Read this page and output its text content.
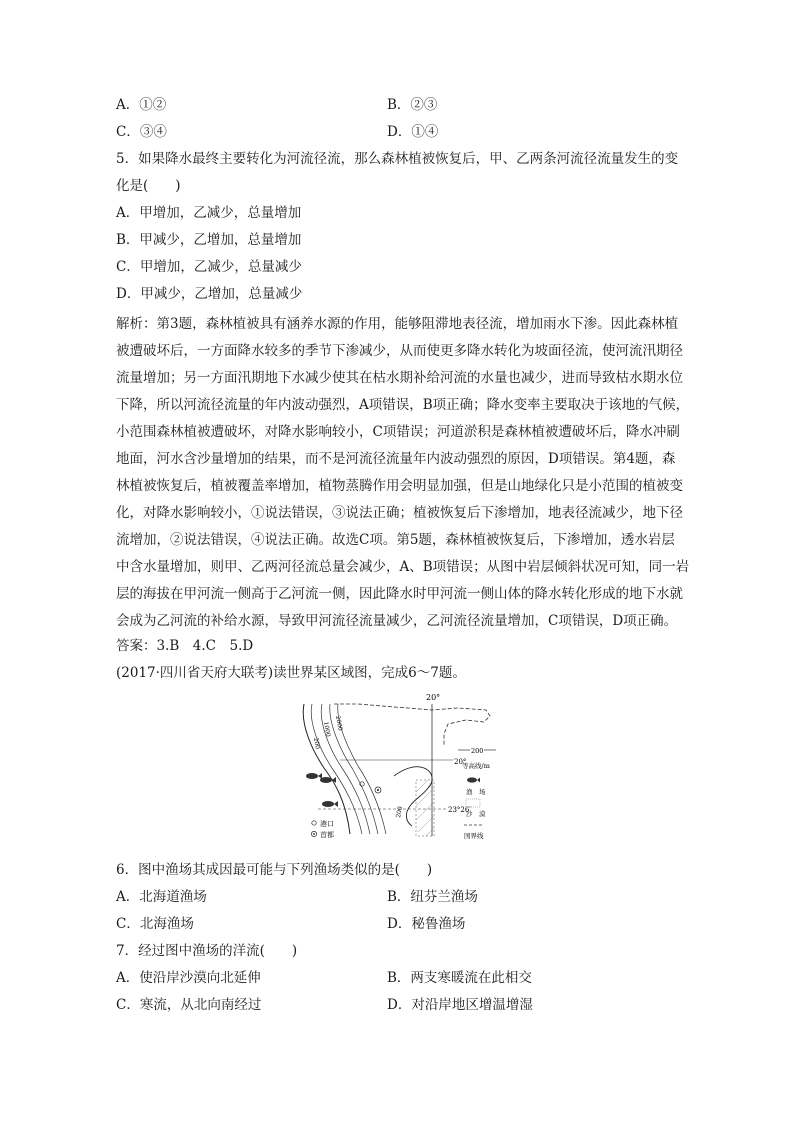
A．①②	B．②③
C．③④	D．①④
5．如果降水最终主要转化为河流径流，那么森林植被恢复后，甲、乙两条河流径流量发生的变
化是(　　)
A．甲增加，乙减少，总量增加
B．甲减少，乙增加，总量增加
C．甲增加，乙减少，总量减少
D．甲减少，乙增加，总量减少

解析：第3题，森林植被具有涵养水源的作用，能够阻滞地表径流，增加雨水下渗。因此森林植

被遭破坏后，一方面降水较多的季节下渗减少，从而使更多降水转化为坡面径流，使河流汛期径

流量增加；另一方面汛期地下水减少使其在枯水期补给河流的水量也减少，进而导致枯水期水位

下降，所以河流径流量的年内波动强烈，A项错误，B项正确；降水变率主要取决于该地的气候，

小范围森林植被遭破坏，对降水影响较小，C项错误；河道淤积是森林植被遭破坏后，降水冲刷

地面，河水含沙量增加的结果，而不是河流径流量年内波动强烈的原因，D项错误。第4题，森

林植被恢复后，植被覆盖率增加，植物蒸腾作用会明显加强，但是山地绿化只是小范围的植被变

化，对降水影响较小，①说法错误，③说法正确；植被恢复后下渗增加，地表径流减少，地下径

流增加，②说法错误，④说法正确。故选C项。第5题，森林植被恢复后，下渗增加，透水岩层

中含水量增加，则甲、乙两河径流总量会减少，A、B项错误；从图中岩层倾斜状况可知，同一岩

层的海拔在甲河流一侧高于乙河流一侧，因此降水时甲河流一侧山体的降水转化形成的地下水就

会成为乙河流的补给水源，导致甲河流径流量减少，乙河流径流量增加，C项错误，D项正确。

答案：3.B　4.C　5.D
(2017·四川省天府大联考)读世界某区域图，完成6～7题。
20°
20°
23°26′
200
1000 2000
200
港口
首都
200
等高线/m
渔　场
沙　漠
国界线
6．图中渔场其成因最可能与下列渔场类似的是(　　)
A．北海道渔场	B．纽芬兰渔场
C．北海渔场	D．秘鲁渔场
7．经过图中渔场的洋流(　　)
A．使沿岸沙漠向北延伸	B．两支寒暖流在此相交
C．寒流，从北向南经过	D．对沿岸地区增温增湿
